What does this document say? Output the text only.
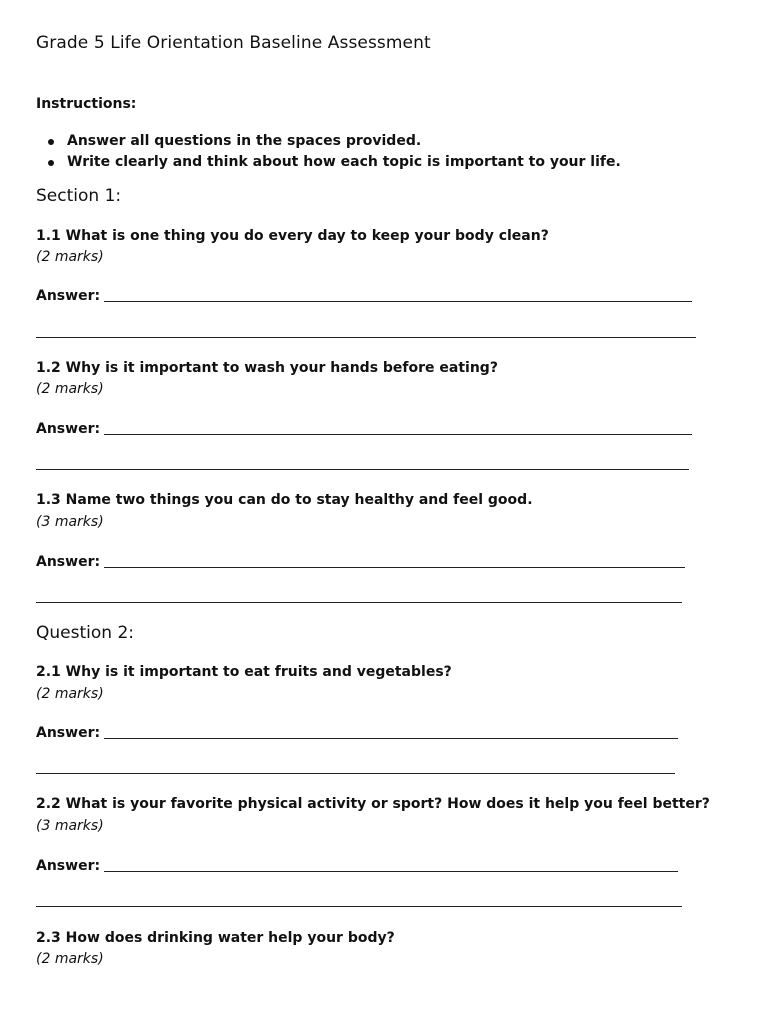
Grade 5 Life Orientation Baseline Assessment

Instructions:

Answer all questions in the spaces provided.
Write clearly and think about how each topic is important to your life.
Section 1:

1.1 What is one thing you do every day to keep your body clean?

(2 marks)

Answer:

1.2 Why is it important to wash your hands before eating?

(2 marks)

Answer:

1.3 Name two things you can do to stay healthy and feel good.

(3 marks)

Answer:
Question 2:

2.1 Why is it important to eat fruits and vegetables?

(2 marks)

Answer:

2.2 What is your favorite physical activity or sport? How does it help you feel better?

(3 marks)

Answer:

2.3 How does drinking water help your body?

(2 marks)
